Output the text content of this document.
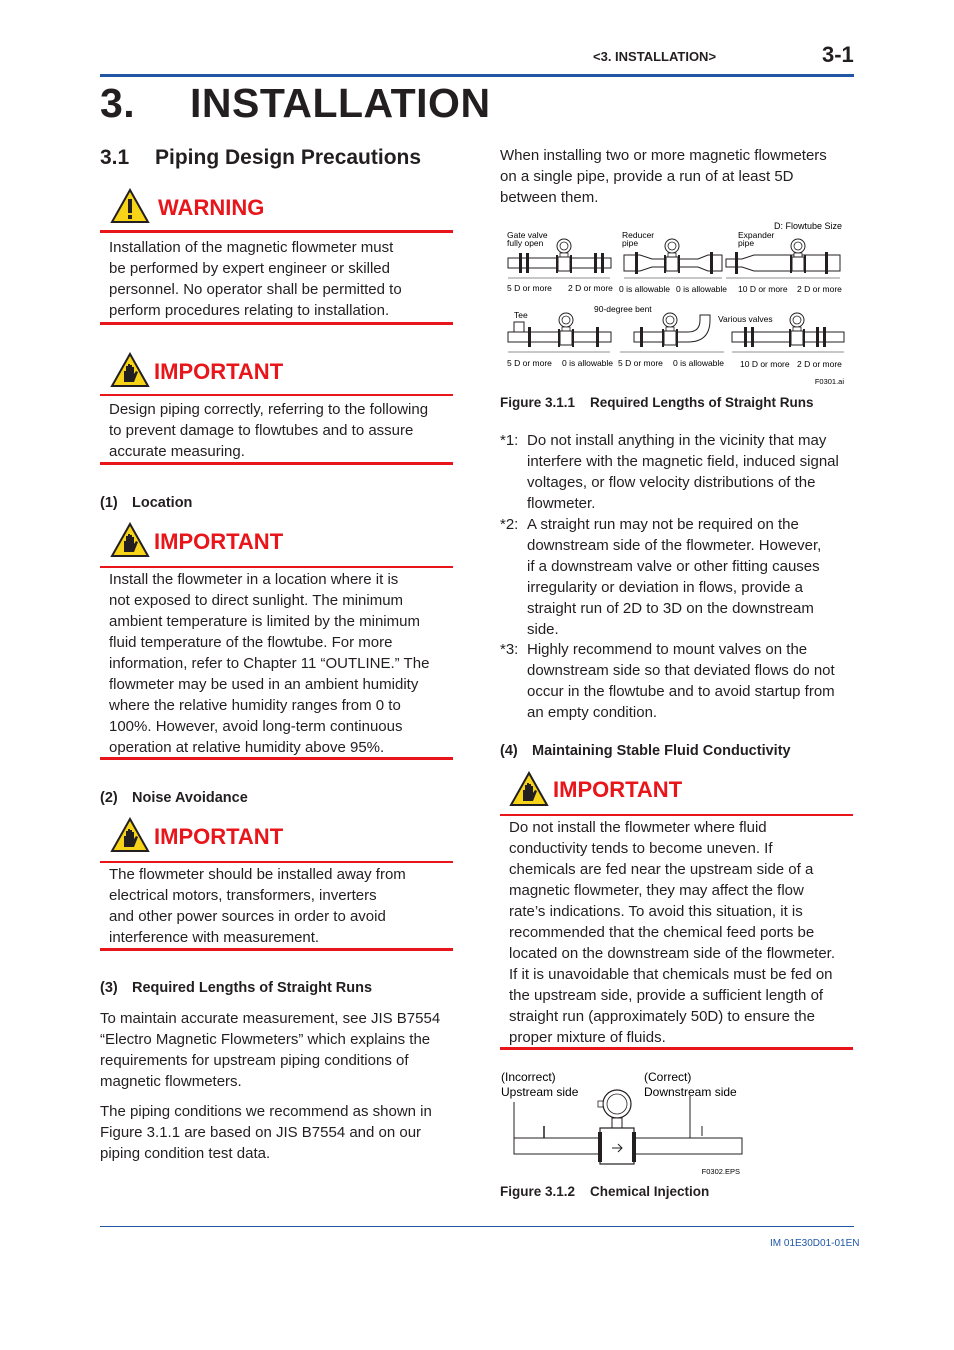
<3. INSTALLATION>	3-1
3. INSTALLATION
3.1 Piping Design Precautions
WARNING
Installation of the magnetic flowmeter must
be performed by expert engineer or skilled
personnel. No operator shall be permitted to
perform procedures relating to installation.
IMPORTANT
Design piping correctly, referring to the following
to prevent damage to flowtubes and to assure
accurate measuring.
(1) Location
IMPORTANT
Install the flowmeter in a location where it is
not exposed to direct sunlight. The minimum
ambient temperature is limited by the minimum
fluid temperature of the flowtube. For more
information, refer to Chapter 11 “OUTLINE.” The
flowmeter may be used in an ambient humidity
where the relative humidity ranges from 0 to
100%. However, avoid long-term continuous
operation at relative humidity above 95%.
(2) Noise Avoidance
IMPORTANT
The flowmeter should be installed away from
electrical motors, transformers, inverters
and other power sources in order to avoid
interference with measurement.
(3) Required Lengths of Straight Runs
To maintain accurate measurement, see JIS B7554
“Electro Magnetic Flowmeters” which explains the
requirements for upstream piping conditions of
magnetic flowmeters.
The piping conditions we recommend as shown in
Figure 3.1.1 are based on JIS B7554 and on our
piping condition test data.
When installing two or more magnetic flowmeters
on a single pipe, provide a run of at least 5D
between them.
D: Flowtube Size
Gate valve
fully open
5 D or more 2 D or more
Reducer
pipe
0 is allowable 0 is allowable
Expander
pipe
10 D or more 2 D or more
Tee
5 D or more 0 is allowable
90-degree bent
5 D or more 0 is allowable
Various valves
10 D or more 2 D or more
F0301.ai
Figure 3.1.1 Required Lengths of Straight Runs
*1: Do not install anything in the vicinity that may
interfere with the magnetic field, induced signal
voltages, or flow velocity distributions of the
flowmeter.
*2: A straight run may not be required on the
downstream side of the flowmeter. However,
if a downstream valve or other fitting causes
irregularity or deviation in flows, provide a
straight run of 2D to 3D on the downstream
side.
*3: Highly recommend to mount valves on the
downstream side so that deviated flows do not
occur in the flowtube and to avoid startup from
an empty condition.
(4) Maintaining Stable Fluid Conductivity
IMPORTANT
Do not install the flowmeter where fluid
conductivity tends to become uneven. If
chemicals are fed near the upstream side of a
magnetic flowmeter, they may affect the flow
rate’s indications. To avoid this situation, it is
recommended that the chemical feed ports be
located on the downstream side of the flowmeter.
If it is unavoidable that chemicals must be fed on
the upstream side, provide a sufficient length of
straight run (approximately 50D) to ensure the
proper mixture of fluids.
(Incorrect)
Upstream side
(Correct)
Downstream side
F0302.EPS
Figure 3.1.2 Chemical Injection
IM 01E30D01-01EN
